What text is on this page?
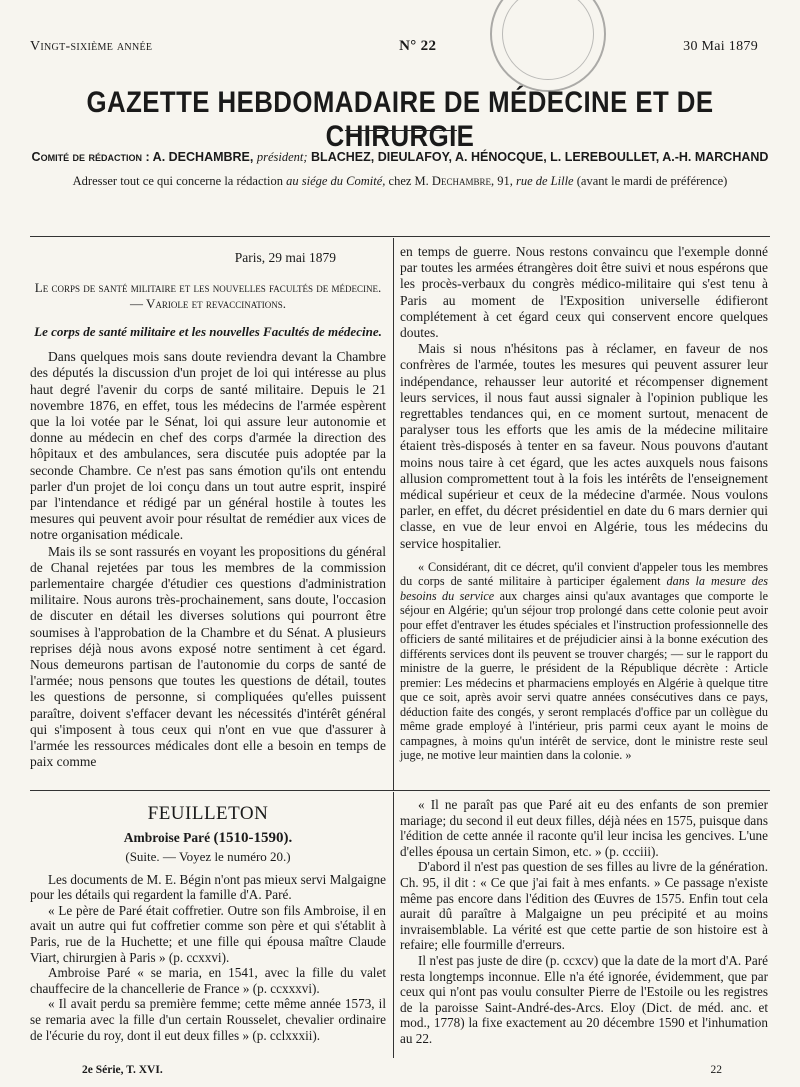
Vingt-sixième année	N° 22	30 Mai 1879
GAZETTE HEBDOMADAIRE DE MÉDECINE ET DE CHIRURGIE
Comité de rédaction : A. DECHAMBRE, président; BLACHEZ, DIEULAFOY, A. HÉNOCQUE, L. LEREBOULLET, A.-H. MARCHAND
Adresser tout ce qui concerne la rédaction au siége du Comité, chez M. Dechambre, 91, rue de Lille (avant le mardi de préférence)
Paris, 29 mai 1879
Le corps de santé militaire et les nouvelles facultés de médecine. — Variole et revaccinations.
Le corps de santé militaire et les nouvelles Facultés de médecine.

Dans quelques mois sans doute reviendra devant la Chambre des députés la discussion d'un projet de loi qui intéresse au plus haut degré l'avenir du corps de santé militaire. Depuis le 21 novembre 1876, en effet, tous les médecins de l'armée espèrent que la loi votée par le Sénat, loi qui assure leur autonomie et donne au médecin en chef des corps d'armée la direction des hôpitaux et des ambulances, sera discutée puis adoptée par la seconde Chambre. Ce n'est pas sans émotion qu'ils ont entendu parler d'un projet de loi conçu dans un tout autre esprit, inspiré par l'intendance et rédigé par un général hostile à toutes les mesures qui peuvent avoir pour résultat de remédier aux vices de notre organisation médicale.

Mais ils se sont rassurés en voyant les propositions du général de Chanal rejetées par tous les membres de la commission parlementaire chargée d'étudier ces questions d'administration militaire. Nous aurons très-prochainement, sans doute, l'occasion de discuter en détail les diverses solutions qui pourront être soumises à l'approbation de la Chambre et du Sénat. A plusieurs reprises déjà nous avons exposé notre sentiment à cet égard. Nous demeurons partisan de l'autonomie du corps de santé de l'armée; nous pensons que toutes les questions de détail, toutes les questions de personne, si compliquées qu'elles puissent paraître, doivent s'effacer devant les nécessités d'intérêt général qui s'imposent à tous ceux qui n'ont en vue que d'assurer à l'armée les ressources médicales dont elle a besoin en temps de paix comme

en temps de guerre. Nous restons convaincu que l'exemple donné par toutes les armées étrangères doit être suivi et nous espérons que les procès-verbaux du congrès médico-militaire qui s'est tenu à Paris au moment de l'Exposition universelle édifieront complétement à cet égard ceux qui conservent encore quelques doutes.

Mais si nous n'hésitons pas à réclamer, en faveur de nos confrères de l'armée, toutes les mesures qui peuvent assurer leur indépendance, rehausser leur autorité et récompenser dignement leurs services, il nous faut aussi signaler à l'opinion publique les regrettables tendances qui, en ce moment surtout, menacent de paralyser tous les efforts que les amis de la médecine militaire étaient très-disposés à tenter en sa faveur. Nous pouvons d'autant moins nous taire à cet égard, que les actes auxquels nous faisons allusion compromettent tout à la fois les intérêts de l'enseignement médical supérieur et ceux de la médecine d'armée. Nous voulons parler, en effet, du décret présidentiel en date du 6 mars dernier qui classe, en vue de leur envoi en Algérie, tous les médecins du service hospitalier.

« Considérant, dit ce décret, qu'il convient d'appeler tous les membres du corps de santé militaire à participer également dans la mesure des besoins du service aux charges ainsi qu'aux avantages que comporte le séjour en Algérie; qu'un séjour trop prolongé dans cette colonie peut avoir pour effet d'entraver les études spéciales et l'instruction professionnelle des officiers de santé militaires et de préjudicier ainsi à la bonne exécution des différents services dont ils peuvent se trouver chargés; — sur le rapport du ministre de la guerre, le président de la République décrète : Article premier: Les médecins et pharmaciens employés en Algérie à quelque titre que ce soit, après avoir servi quatre années consécutives dans ce pays, déduction faite des congés, y seront remplacés d'office par un collègue du même grade employé à l'intérieur, pris parmi ceux ayant le moins de campagnes, à moins qu'un intérêt de service, dont le ministre reste seul juge, ne motive leur maintien dans la colonie. »

FEUILLETON
Ambroise Paré (1510-1590).
(Suite. — Voyez le numéro 20.)

Les documents de M. E. Bégin n'ont pas mieux servi Malgaigne pour les détails qui regardent la famille d'A. Paré.

« Le père de Paré était coffretier. Outre son fils Ambroise, il en avait un autre qui fut coffretier comme son père et qui s'établit à Paris, rue de la Huchette; et une fille qui épousa maître Claude Viart, chirurgien à Paris » (p. ccxxvi).

Ambroise Paré « se maria, en 1541, avec la fille du valet chauffecire de la chancellerie de France » (p. ccxxxvi).

« Il avait perdu sa première femme; cette même année 1573, il se remaria avec la fille d'un certain Rousselet, chevalier ordinaire de l'écurie du roy, dont il eut deux filles » (p. cclxxxii).

« Il ne paraît pas que Paré ait eu des enfants de son premier mariage; du second il eut deux filles, déjà nées en 1575, puisque dans l'édition de cette année il raconte qu'il leur incisa les gencives. L'une d'elles épousa un certain Simon, etc. » (p. ccciii).

D'abord il n'est pas question de ses filles au livre de la génération. Ch. 95, il dit : « Ce que j'ai fait à mes enfants. » Ce passage n'existe même pas encore dans l'édition des Œuvres de 1575. Enfin tout cela aurait dû paraître à Malgaigne un peu précipité et au moins invraisemblable. La vérité est que cette partie de son histoire est à refaire; elle fourmille d'erreurs.

Il n'est pas juste de dire (p. ccxcv) que la date de la mort d'A. Paré resta longtemps inconnue. Elle n'a été ignorée, évidemment, que par ceux qui n'ont pas voulu consulter Pierre de l'Estoile ou les registres de la paroisse Saint-André-des-Arcs. Eloy (Dict. de méd. anc. et mod., 1778) la fixe exactement au 20 décembre 1590 et l'inhumation au 22.

2e Série, T. XVI.	22
